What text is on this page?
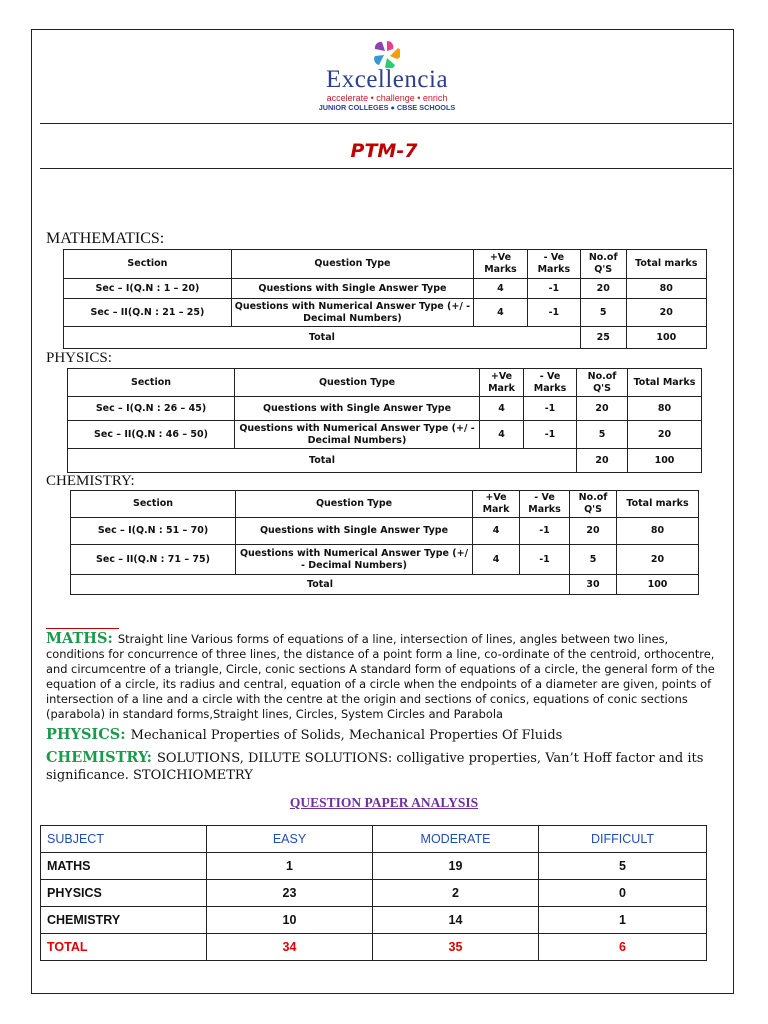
Excellencia
accelerate • challenge • enrich
JUNIOR COLLEGES ● CBSE SCHOOLS
PTM-7
MATHEMATICS:
Section	Question Type	+Ve Marks	- Ve Marks	No.of Q'S	Total marks
Sec – I(Q.N : 1 – 20)	Questions with Single Answer Type	4	-1	20	80
Sec – II(Q.N : 21 – 25)	Questions with Numerical Answer Type (+/ - Decimal Numbers)	4	-1	5	20
Total				25	100
PHYSICS:
Section	Question Type	+Ve Mark	- Ve Marks	No.of Q'S	Total Marks
Sec – I(Q.N : 26 – 45)	Questions with Single Answer Type	4	-1	20	80
Sec – II(Q.N : 46 – 50)	Questions with Numerical Answer Type (+/ - Decimal Numbers)	4	-1	5	20
Total				20	100
CHEMISTRY:
Section	Question Type	+Ve Mark	- Ve Marks	No.of Q'S	Total marks
Sec – I(Q.N : 51 – 70)	Questions with Single Answer Type	4	-1	20	80
Sec – II(Q.N : 71 – 75)	Questions with Numerical Answer Type (+/ - Decimal Numbers)	4	-1	5	20
Total				30	100
MATHS: Straight line Various forms of equations of a line, intersection of lines, angles between two lines, conditions for concurrence of three lines, the distance of a point form a line, co-ordinate of the centroid, orthocentre, and circumcentre of a triangle, Circle, conic sections A standard form of equations of a circle, the general form of the equation of a circle, its radius and central, equation of a circle when the endpoints of a diameter are given, points of intersection of a line and a circle with the centre at the origin and sections of conics, equations of conic sections (parabola) in standard forms,Straight lines, Circles, System Circles and Parabola
PHYSICS: Mechanical Properties of Solids, Mechanical Properties Of Fluids
CHEMISTRY: SOLUTIONS, DILUTE SOLUTIONS: colligative properties, Van’t Hoff factor and its significance. STOICHIOMETRY
QUESTION PAPER ANALYSIS
SUBJECT	EASY	MODERATE	DIFFICULT
MATHS	1	19	5
PHYSICS	23	2	0
CHEMISTRY	10	14	1
TOTAL	34	35	6
